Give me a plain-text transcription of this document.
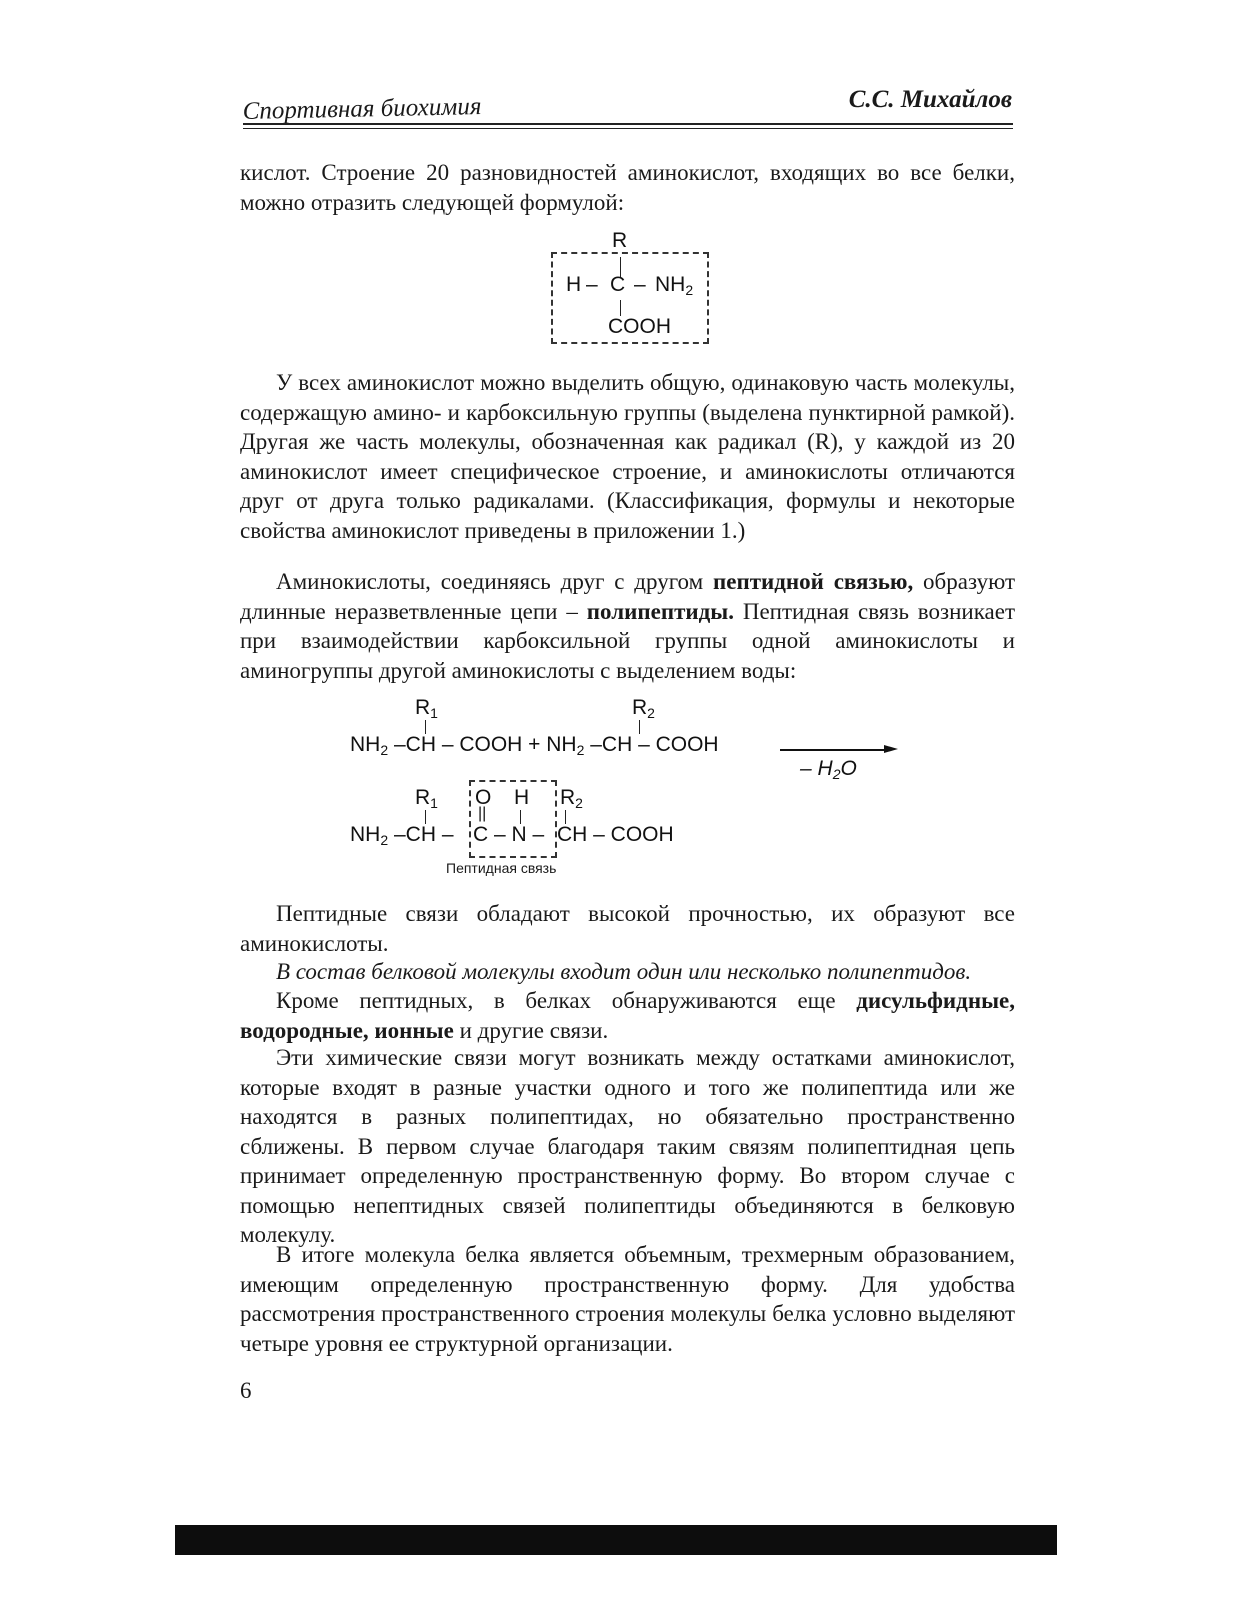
Спортивная биохимия	С.С. Михайлов

кислот. Строение 20 разновидностей аминокислот, входящих во все белки, можно отразить следующей формулой:

R
H – C – $NH_2$
COOH

У всех аминокислот можно выделить общую, одинаковую часть молекулы, содержащую амино- и карбоксильную группы (выделена пунктирной рамкой). Другая же часть молекулы, обозначенная как радикал (R), у каждой из 20 аминокислот имеет специфическое строение, и аминокислоты отличаются друг от друга только радикалами. (Классификация, формулы и некоторые свойства аминокислот приведены в приложении 1.)

Аминокислоты, соединяясь друг с другом пептидной связью, образуют длинные неразветвленные цепи – полипептиды. Пептидная связь возникает при взаимодействии карбоксильной группы одной аминокислоты и аминогруппы другой аминокислоты с выделением воды:

$R_1$	$R_2$
$NH_2$ –CH – COOH + $NH_2$ –CH – COOH
– $H_2O$
$R_1$ O H $R_2$
||
$NH_2$ –CH – C – N – CH – COOH
Пептидная связь

Пептидные связи обладают высокой прочностью, их образуют все аминокислоты.

В состав белковой молекулы входит один или несколько полипептидов.

Кроме пептидных, в белках обнаруживаются еще дисульфидные, водородные, ионные и другие связи.

Эти химические связи могут возникать между остатками аминокислот, которые входят в разные участки одного и того же полипептида или же находятся в разных полипептидах, но обязательно пространственно сближены. В первом случае благодаря таким связям полипептидная цепь принимает определенную пространственную форму. Во втором случае с помощью непептидных связей полипептиды объединяются в белковую молекулу.

В итоге молекула белка является объемным, трехмерным образованием, имеющим определенную пространственную форму. Для удобства рассмотрения пространственного строения молекулы белка условно выделяют четыре уровня ее структурной организации.

6
